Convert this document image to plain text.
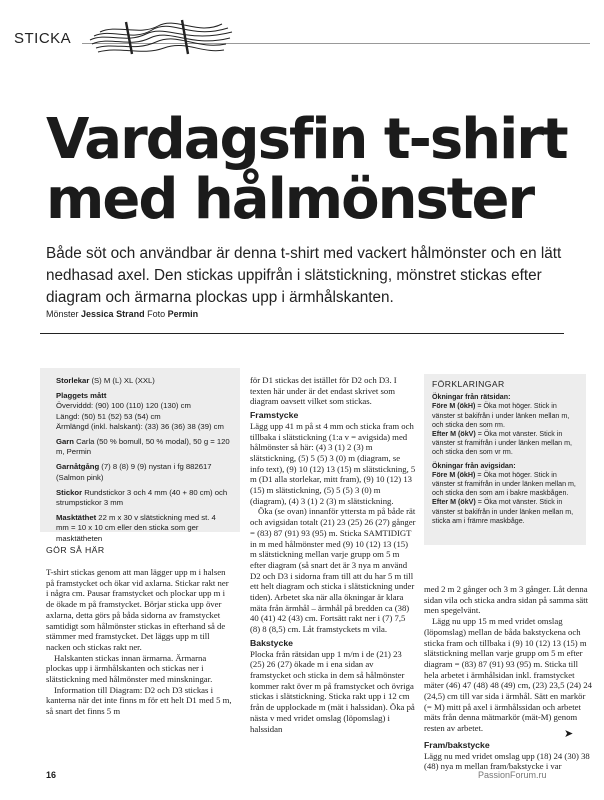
STICKA
Vardagsfin t-shirt
med hålmönster
Både söt och användbar är denna t-shirt med vackert hålmönster och en lätt nedhasad axel. Den stickas uppifrån i slätstickning, mönstret stickas efter diagram och ärmarna plockas upp i ärmhålskanten.
Mönster Jessica Strand Foto Permin
Storlekar (S) M (L) XL (XXL)
Plaggets mått
Överviddd: (90) 100 (110) 120 (130) cm
Längd: (50) 51 (52) 53 (54) cm
Ärmlängd (inkl. halskant): (33) 36 (36) 38 (39) cm
Garn Carla (50 % bomull, 50 % modal), 50 g = 120 m, Permin
Garnåtgång (7) 8 (8) 9 (9) nystan i fg 882617 (Salmon pink)
Stickor Rundstickor 3 och 4 mm (40 + 80 cm) och strumpstickor 3 mm
Masktäthet 22 m x 30 v slätstickning med st. 4 mm = 10 x 10 cm eller den sticka som ger masktätheten
GÖR SÅ HÄR

T-shirt stickas genom att man lägger upp m i halsen på framstycket och ökar vid axlarna. Stickar rakt ner i några cm. Pausar framstycket och plockar upp m i de ökade m på framstycket. Börjar sticka upp över axlarna, detta görs på båda sidorna av framstycket samtidigt som hålmönster stickas in efterhand så de stämmer med framstycket. Det läggs upp m till nacken och stickas rakt ner.

Halskanten stickas innan ärmarna. Ärmarna plockas upp i ärmhålskanten och stickas ner i slätstickning med hålmönster med minskningar.

Information till Diagram: D2 och D3 stickas i kanterna när det inte finns m för ett helt D1 med 5 m, så snart det finns 5 m

för D1 stickas det istället för D2 och D3. I texten här under är det endast skrivet som diagram oavsett vilket som stickas.

Framstycke

Lägg upp 41 m på st 4 mm och sticka fram och tillbaka i slätstickning (1:a v = avigsida) med hålmönster så här: (4) 3 (1) 2 (3) m slätstickning, (5) 5 (5) 3 (0) m (diagram, se info text), (9) 10 (12) 13 (15) m slätstickning, 5 m (D1 alla storlekar, mitt fram), (9) 10 (12) 13 (15) m slätstickning, (5) 5 (5) 3 (0) m (diagram), (4) 3 (1) 2 (3) m slätstickning.

Öka (se ovan) innanför yttersta m på både rät och avigsidan totalt (21) 23 (25) 26 (27) gånger = (83) 87 (91) 93 (95) m. Sticka SAMTIDIGT in m med hålmönster med (9) 10 (12) 13 (15) m slätstickning mellan varje grupp om 5 m efter diagram (så snart det är 3 nya m använd D2 och D3 i sidorna fram till att du har 5 m till ett helt diagram och sticka i slätstickning under tiden). Arbetet ska när alla ökningar är klara mäta från ärmhål – ärmhål på bredden ca (38) 40 (41) 42 (43) cm. Fortsätt rakt ner i (7) 7,5 (8) 8 (8,5) cm. Låt framstyckets m vila.

Bakstycke

Plocka från rätsidan upp 1 m/m i de (21) 23 (25) 26 (27) ökade m i ena sidan av framstycket och sticka in dem så hålmönster kommer rakt över m på framstycket och övriga stickas i slätstickning. Sticka rakt upp i 12 cm från de upplockade m (mät i halssidan). Öka på nästa v med vridet omslag (löpomslag) i halssidan

FÖRKLARINGAR
Ökningar från rätsidan:
Före M (ökH) = Öka mot höger. Stick in vänster st bakifrån i under länken mellan m, och sticka den som rm.
Efter M (ökV) = Öka mot vänster. Stick in vänster st framifrån i under länken mellan m, och sticka den som vr rm.
Ökningar från avigsidan:
Före M (ökH) = Öka mot höger. Stick in vänster st framifrån in under länken mellan m, och sticka den som am i bakre maskbågen.
Efter M (ökV) = Öka mot vänster. Stick in vänster st bakifrån in under länken mellan m, sticka am i främre maskbåge.

med 2 m 2 gånger och 3 m 3 gånger. Låt denna sidan vila och sticka andra sidan på samma sätt men spegelvänt.

Lägg nu upp 15 m med vridet omslag (löpomslag) mellan de båda bakstyckena och sticka fram och tillbaka i (9) 10 (12) 13 (15) m slätstickning mellan varje grupp om 5 m efter diagram = (83) 87 (91) 93 (95) m. Sticka till hela arbetet i ärmhålsidan inkl. framstycket mäter (46) 47 (48) 48 (49) cm, (23) 23,5 (24) 24 (24,5) cm till var sida i ärmhål. Sätt en markör (= M) mitt på axel i ärmhålssidan och arbetet mäts från denna mätmarkör (mät-M) genom resten av arbetet.

Fram/bakstycke

Lägg nu med vridet omslag upp (18) 24 (30) 38 (48) nya m mellan fram/bakstycke i var

➤
16	PassionForum.ru
